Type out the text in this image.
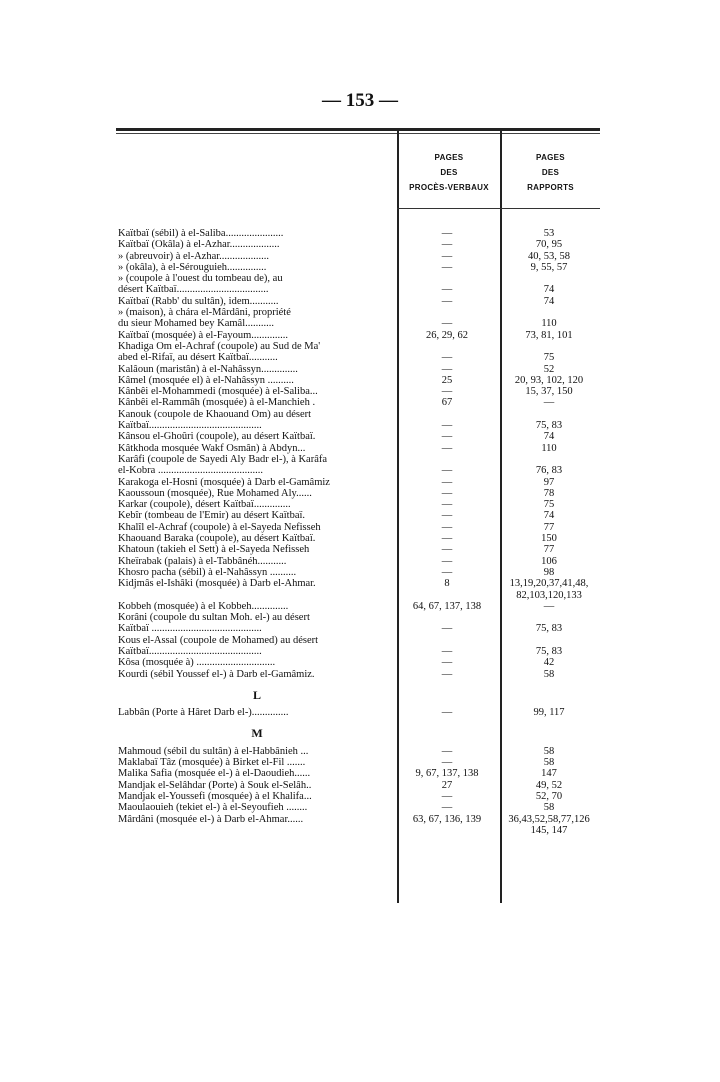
— 153 —
PAGES
DES
PROCÈS-VERBAUX
PAGES
DES
RAPPORTS
Kaïtbaï (sébil) à el-Saliba......................	—	53
Kaïtbaï (Okâla) à el-Azhar...................	—	70, 95
» (abreuvoir) à el-Azhar...................	—	40, 53, 58
» (okâla), à el-Sérouguieh...............	—	9, 55, 57
» (coupole à l'ouest du tombeau de), au
désert Kaïtbaï...................................	—	74
Kaïtbaï (Rabb' du sultân), idem...........	—	74
» (maison), à chára el-Mârdâni, propriété
du sieur Mohamed bey Kamâl...........	—	110
Kaïtbaï (mosquée) à el-Fayoum..............	26, 29, 62	73, 81, 101
Khadiga Om el-Achraf (coupole) au Sud de Ma'
abed el-Rifaï, au désert Kaïtbaï...........	—	75
Kalâoun (maristân) à el-Nahâssyn..............	—	52
Kâmel (mosquée el) à el-Nahâssyn ..........	25	20, 93, 102, 120
Kânbêi el-Mohammedi (mosquée) à el-Saliba...	—	15, 37, 150
Kânbêi el-Rammâh (mosquée) à el-Manchieh .	67	—
Kanouk (coupole de Khaouand Om) au désert
Kaïtbaï...........................................	—	75, 83
Kânsou el-Ghoûri (coupole), au désert Kaïtbaï.	—	74
Kâtkhoda mosquée Wakf Osmân) à Abdyn...	—	110
Karâfi (coupole de Sayedi Aly Badr el-), à Karâfa
el-Kobra ........................................	—	76, 83
Karakoga el-Hosni (mosquée) à Darb el-Gamâmiz	—	97
Kaoussoun (mosquée), Rue Mohamed Aly......	—	78
Karkar (coupole), désert Kaïtbaï..............	—	75
Kebîr (tombeau de l'Emir) au désert Kaïtbaï.	—	74
Khalîl el-Achraf (coupole) à el-Sayeda Nefisseh	—	77
Khaouand Baraka (coupole), au désert Kaïtbaï.	—	150
Khatoun (takieh el Sett) à el-Sayeda Nefisseh	—	77
Kheïrabak (palais) à el-Tabbânéh...........	—	106
Khosro pacha (sébil) à el-Nahâssyn ..........	—	98
Kidjmâs el-Ishâki (mosquée) à Darb el-Ahmar.	8	13,19,20,37,41,48,
82,103,120,133
Kobbeh (mosquée) à el Kobbeh..............	64, 67, 137, 138	—
Korâni (coupole du sultan Moh. el-) au désert
Kaïtbaï ..........................................	—	75, 83
Kous el-Assal (coupole de Mohamed) au désert
Kaïtbaï...........................................	—	75, 83
Kôsa (mosquée à) ..............................	—	42
Kourdi (sébil Youssef el-) à Darb el-Gamâmiz.	—	58
L
Labbân (Porte à Hâret Darb el-)..............	—	99, 117
M
Mahmoud (sébil du sultân) à el-Habbânieh ...	—	58
Maklabaï Tâz (mosquée) à Birket el-Fil .......	—	58
Malika Safia (mosquée el-) à el-Daoudieh......	9, 67, 137, 138	147
Mandjak el-Selâhdar (Porte) à Souk el-Selâh..	27	49, 52
Mandjak el-Youssefi (mosquée) à el Khalifa...	—	52, 70
Maoulaouieh (tekiet el-) à el-Seyoufieh ........	—	58
Mârdâni (mosquée el-) à Darb el-Ahmar......	63, 67, 136, 139	36,43,52,58,77,126
145, 147
